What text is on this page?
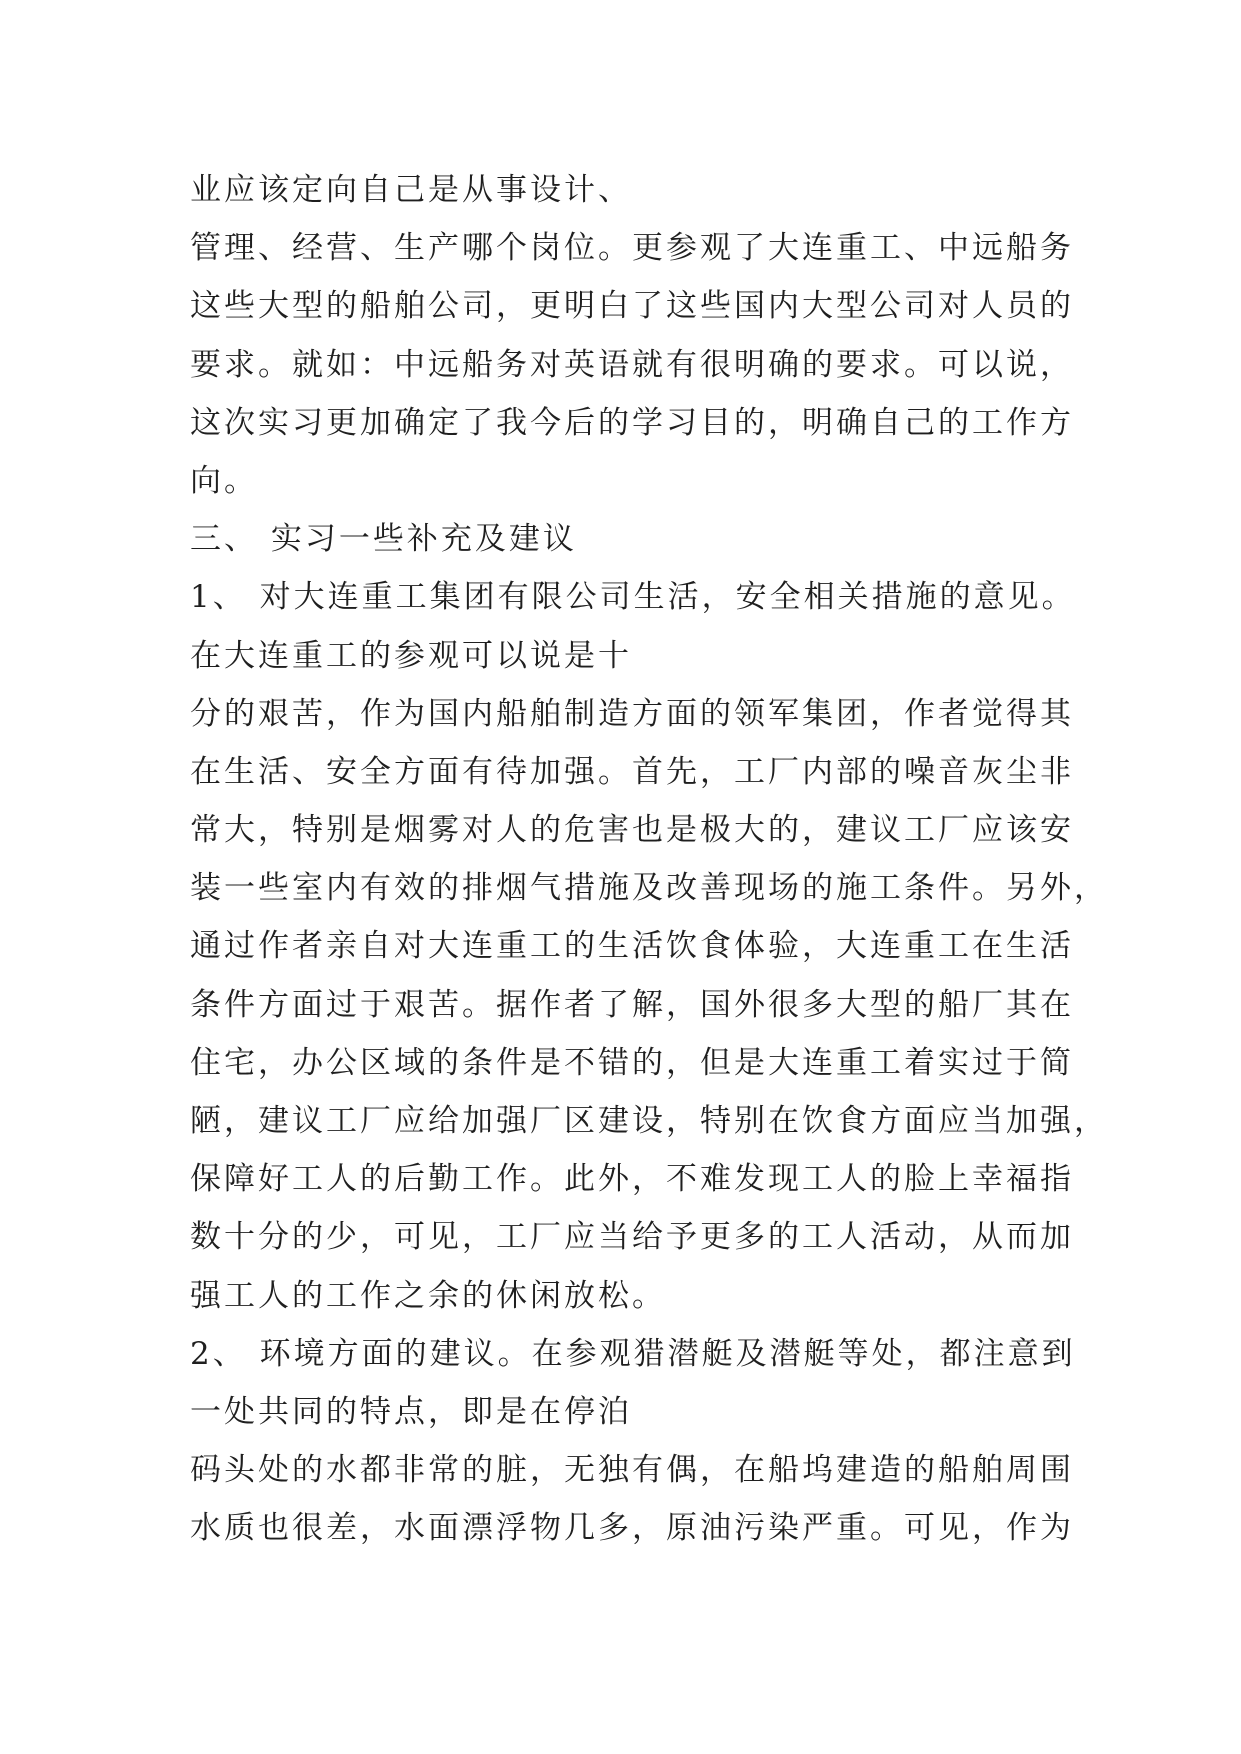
业应该定向自己是从事设计、
管理、经营、生产哪个岗位。更参观了大连重工、中远船务
这些大型的船舶公司，更明白了这些国内大型公司对人员的
要求。就如：中远船务对英语就有很明确的要求。可以说，
这次实习更加确定了我今后的学习目的，明确自己的工作方
向。
三、 实习一些补充及建议
1、 对大连重工集团有限公司生活，安全相关措施的意见。
在大连重工的参观可以说是十
分的艰苦，作为国内船舶制造方面的领军集团，作者觉得其
在生活、安全方面有待加强。首先，工厂内部的噪音灰尘非
常大，特别是烟雾对人的危害也是极大的，建议工厂应该安
装一些室内有效的排烟气措施及改善现场的施工条件。另外，
通过作者亲自对大连重工的生活饮食体验，大连重工在生活
条件方面过于艰苦。据作者了解，国外很多大型的船厂其在
住宅，办公区域的条件是不错的，但是大连重工着实过于简
陋，建议工厂应给加强厂区建设，特别在饮食方面应当加强，
保障好工人的后勤工作。此外，不难发现工人的脸上幸福指
数十分的少，可见，工厂应当给予更多的工人活动，从而加
强工人的工作之余的休闲放松。
2、 环境方面的建议。在参观猎潜艇及潜艇等处，都注意到
一处共同的特点，即是在停泊
码头处的水都非常的脏，无独有偶，在船坞建造的船舶周围
水质也很差，水面漂浮物几多，原油污染严重。可见，作为
